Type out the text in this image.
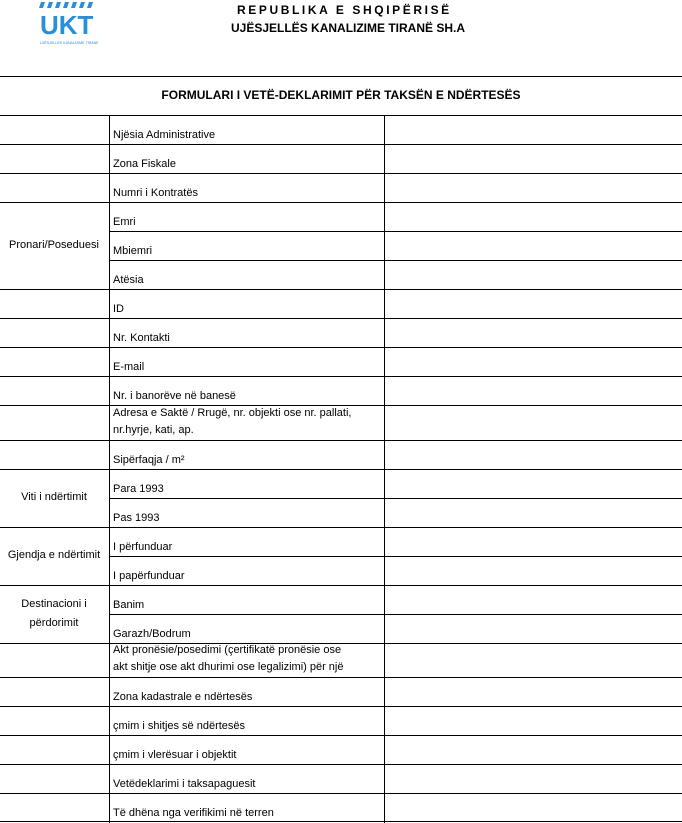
UKT
UJËSJELLËS KANALIZIME TIRANË
REPUBLIKA E SHQIPËRISË
UJËSJELLËS KANALIZIME TIRANË SH.A
FORMULARI I VETË-DEKLARIMIT PËR TAKSËN E NDËRTESËS
Pronari/Poseduesi
Viti i ndërtimit
Gjendja e ndërtimit
Destinacioni i
përdorimit
Njësia Administrative
Zona Fiskale
Numri i Kontratës
Emri
Mbiemri
Atësia
ID
Nr. Kontakti
E-mail
Nr. i banorëve në banesë
Adresa e Saktë / Rrugë, nr. objekti ose nr. pallati,
nr.hyrje, kati, ap.
Sipërfaqja / m²
Para 1993
Pas 1993
I përfunduar
I papërfunduar
Banim
Garazh/Bodrum
Akt pronësie/posedimi (çertifikatë pronësie ose
akt shitje ose akt dhurimi ose legalizimi) për një
Zona kadastrale e ndërtesës
çmim i shitjes së ndërtesës
çmim i vlerësuar i objektit
Vetëdeklarimi i taksapaguesit
Të dhëna nga verifikimi në terren
